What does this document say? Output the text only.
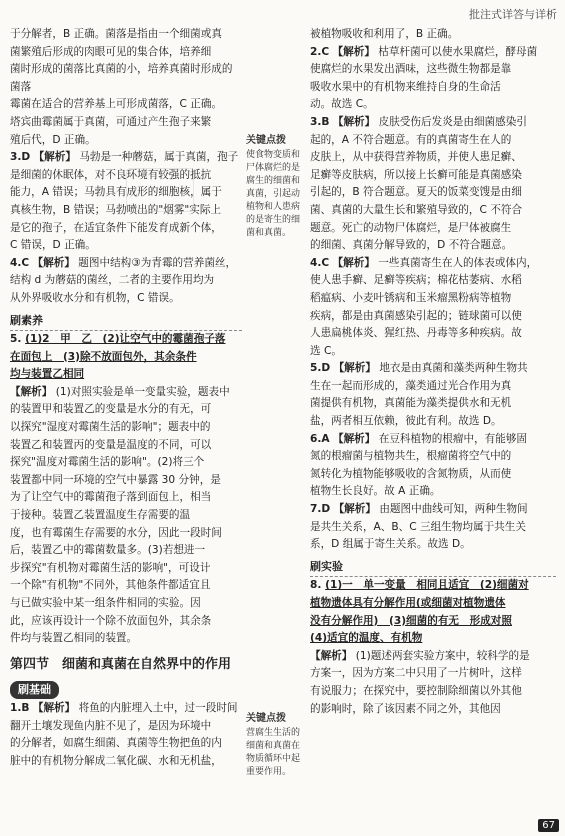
批注式详答与详析

于分解者，B 正确。菌落是指由一个细菌或真

菌繁殖后形成的肉眼可见的集合体，培养细

菌时形成的菌落比真菌的小，培养真菌时形成的菌落

霉菌在适合的营养基上可形成菌落，C 正确。

塔宾曲霉菌属于真菌，可通过产生孢子来繁

殖后代，D 正确。

3.D 【解析】 马勃是一种蘑菇，属于真菌，孢子

是细菌的休眠体，对不良环境有较强的抵抗

能力，A 错误；马勃具有成形的细胞核，属于

真核生物，B 错误；马勃喷出的"烟雾"实际上

是它的孢子，在适宜条件下能发育成新个体，

C 错误，D 正确。

4.C 【解析】 题图中结构③为青霉的营养菌丝，

结构 d 为蘑菇的菌丝，二者的主要作用均为

从外界吸收水分和有机物，C 错误。

刷素养

5. (1)2　甲　乙　(2)让空气中的霉菌孢子落

在面包上　(3)除不放面包外，其余条件

均与装置乙相同

【解析】 (1)对照实验是单一变量实验，题表中

的装置甲和装置乙的变量是水分的有无，可

以探究"湿度对霉菌生活的影响"；题表中的

装置乙和装置丙的变量是温度的不同，可以

探究"温度对霉菌生活的影响"。(2)将三个

装置都中同一环境的空气中暴露 30 分钟，是

为了让空气中的霉菌孢子落到面包上，相当

于接种。装置乙装置温度生存需要的温

度，也有霉菌生存需要的水分，因此一段时间

后，装置乙中的霉菌数量多。(3)若想进一

步探究"有机物对霉菌生活的影响"，可设计

一个除"有机物"不同外，其他条件都适宜且

与已做实验中某一组条件相同的实验。因

此，应该再设计一个除不放面包外，其余条

件均与装置乙相同的装置。

第四节　细菌和真菌在自然界中的作用
刷基础

1.B 【解析】 将鱼的内脏埋入土中，过一段时间

翻开土壤发现鱼内脏不见了，是因为环境中

的分解者，如腐生细菌、真菌等生物把鱼的内

脏中的有机物分解成二氧化碳、水和无机盐，

关键点拨
使食物变质和
尸体腐烂的是
腐生的细菌和
真菌，引起动
植物和人患病
的是寄生的细
菌和真菌。
关键点拨
营腐生生活的
细菌和真菌在
物质循环中起
重要作用。

被植物吸收和利用了，B 正确。

2.C 【解析】 枯草杆菌可以使水果腐烂，酵母菌

使腐烂的水果发出酒味，这些微生物都是靠

吸收水果中的有机物来维持自身的生命活

动。故选 C。

3.B 【解析】 皮肤受伤后发炎是由细菌感染引

起的，A 不符合题意。有的真菌寄生在人的

皮肤上，从中获得营养物质，并使人患足癣、

足癣等皮肤病，所以接上长癣可能是真菌感染

引起的，B 符合题意。夏天的饭菜变馊是由细

菌、真菌的大量生长和繁殖导致的，C 不符合

题意。死亡的动物尸体腐烂，是尸体被腐生

的细菌、真菌分解导致的，D 不符合题意。

4.C 【解析】 一些真菌寄生在人的体表或体内，

使人患手癣、足癣等疾病；棉花枯萎病、水稻

稻瘟病、小麦叶锈病和玉米瘤黑粉病等植物

疾病，都是由真菌感染引起的；链球菌可以使

人患扁桃体炎、猩红热、丹毒等多种疾病。故

选 C。

5.D 【解析】 地衣是由真菌和藻类两种生物共

生在一起而形成的，藻类通过光合作用为真

菌提供有机物，真菌能为藻类提供水和无机

盐，两者相互依赖，彼此有利。故选 D。

6.A 【解析】 在豆科植物的根瘤中，有能够固

氮的根瘤菌与植物共生，根瘤菌将空气中的

氮转化为植物能够吸收的含氮物质，从而使

植物生长良好。故 A 正确。

7.D 【解析】 由题图中曲线可知，两种生物间

是共生关系，A、B、C 三组生物均属于共生关

系，D 组属于寄生关系。故选 D。

刷实验

8. (1)一　单一变量　相同且适宜　(2)细菌对

植物遗体具有分解作用(或细菌对植物遗体

没有分解作用)　(3)细菌的有无　形成对照

(4)适宜的温度、有机物

【解析】 (1)题述两套实验方案中，较科学的是

方案一，因为方案二中只用了一片树叶，这样

有说服力；在探究中，要控制除细菌以外其他

的影响时，除了该因素不同之外，其他因

67
